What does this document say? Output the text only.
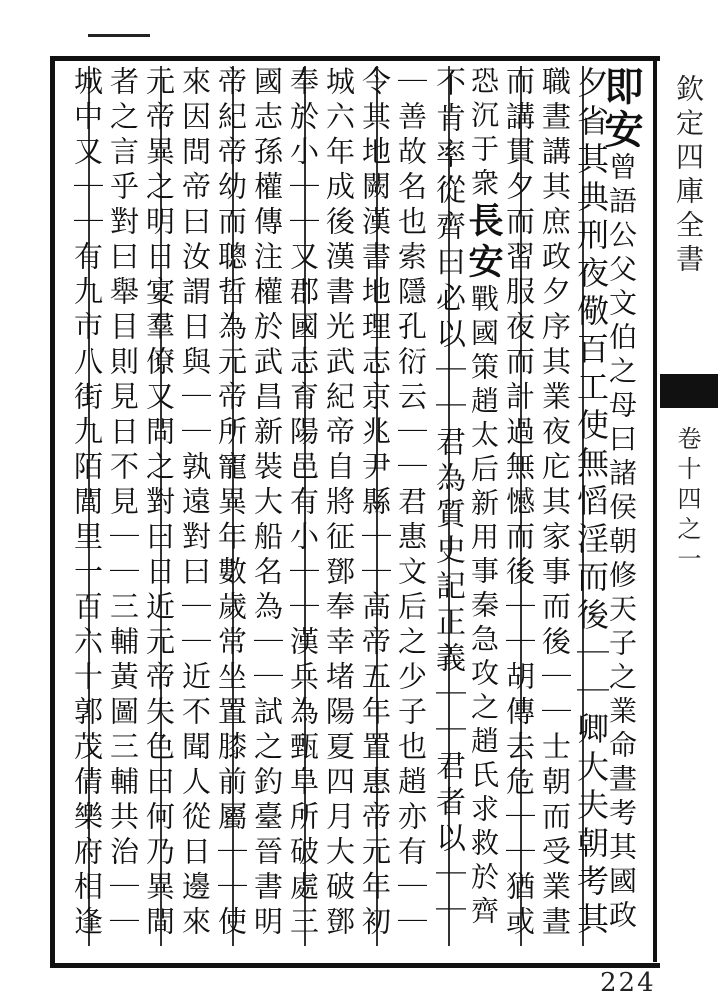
欽定四庫全書
卷十四之一
即安曾語公父文伯之母曰諸侯朝修天子之業命晝考其國政
夕省其典刑夜儆百工使無慆淫而後｜｜卿大夫朝考其
職晝講其庶政夕序其業夜庀其家事而後｜｜士朝而受業晝
而講貫夕而習服夜而計過無憾而後｜｜胡傳去危｜｜猶或
恐沉于衆長安戰國策趙太后新用事秦急攻之趙氏求救於齊
不肯率從齊曰必以｜｜君為質史記正義｜｜君者以｜｜
｜善故名也索隱孔衍云｜｜君惠文后之少子也趙亦有｜｜
令其地闕漢書地理志京兆尹縣｜｜高帝五年置惠帝元年初
城六年成後漢書光武紀帝自將征鄧奉幸堵陽夏四月大破鄧
奉於小｜｜又郡國志育陽邑有小｜｜漢兵為甄阜所破處三
國志孫權傳注權於武昌新裝大船名為｜｜試之釣臺晉書明
帝紀帝幼而聰哲為元帝所寵異年數歲常坐置膝前屬｜｜使
來因問帝曰汝謂日與｜｜孰遠對曰｜｜近不聞人從日邊來
元帝異之明日宴羣僚又問之對曰日近元帝失色曰何乃異間
者之言乎對曰舉目則見日不見｜｜三輔黃圖三輔共治｜｜
城中又｜｜有九市八街九陌閭里一百六十郭茂倩樂府相逢
224
